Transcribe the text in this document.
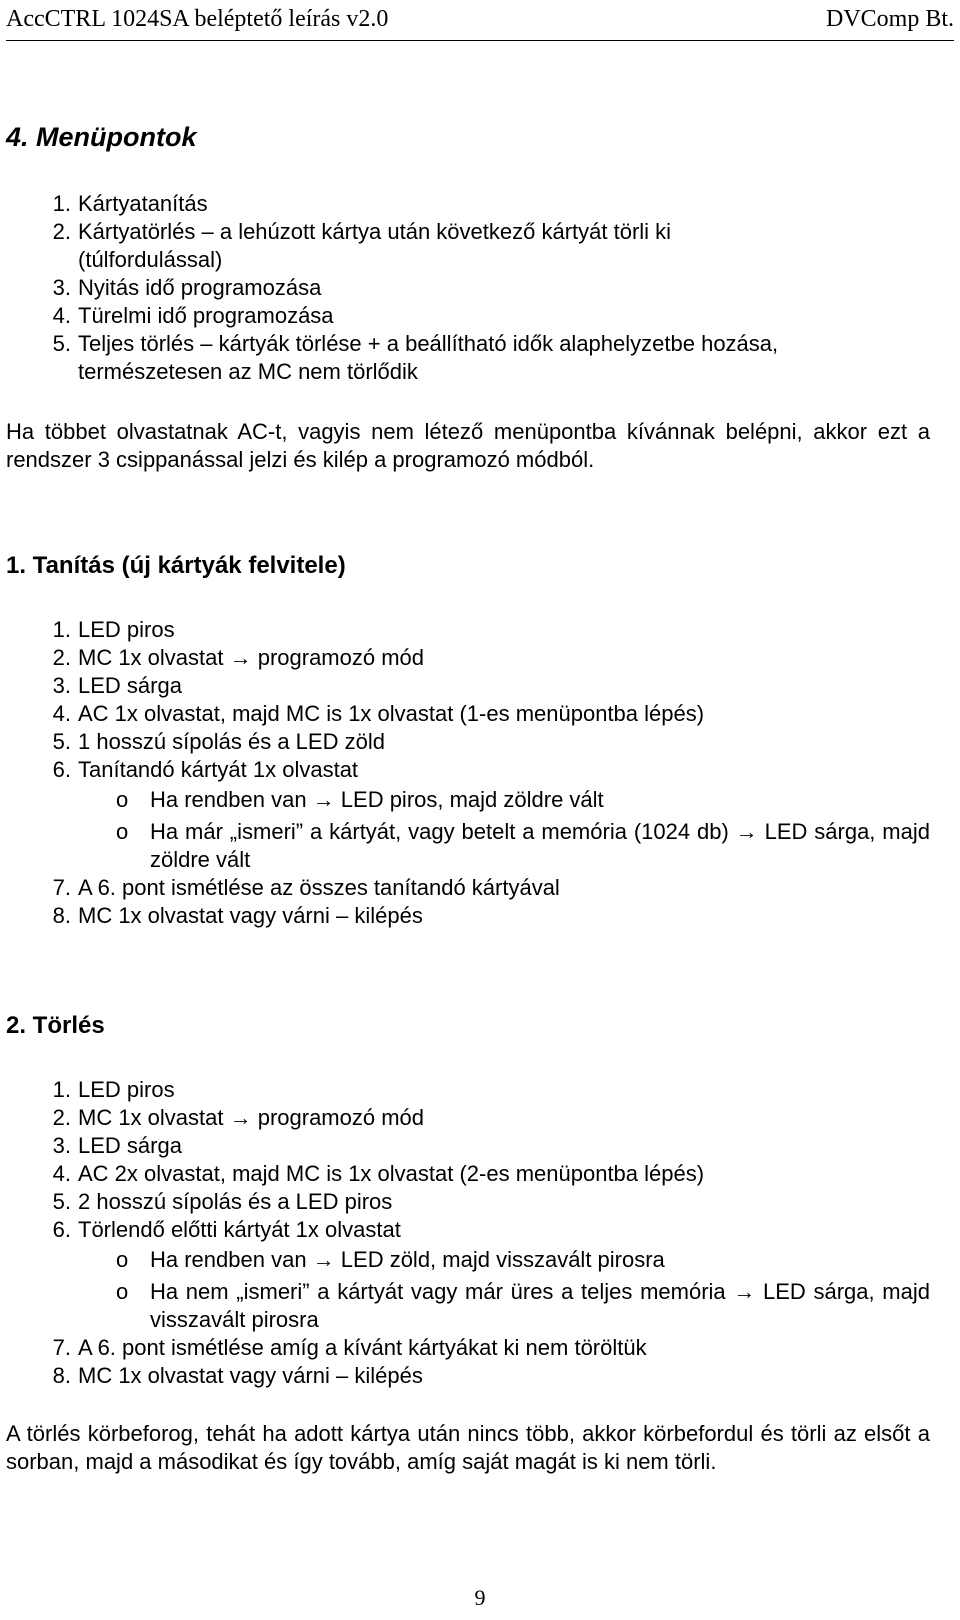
AccCTRL 1024SA beléptető leírás v2.0	DVComp Bt.
4. Menüpontok
1. Kártyatanítás
2. Kártyatörlés – a lehúzott kártya után következő kártyát törli ki
(túlfordulással)
3. Nyitás idő programozása
4. Türelmi idő programozása
5. Teljes törlés – kártyák törlése + a beállítható idők alaphelyzetbe hozása,
természetesen az MC nem törlődik
Ha többet olvastatnak AC-t, vagyis nem létező menüpontba kívánnak belépni, akkor ezt a rendszer 3 csippanással jelzi és kilép a programozó módból.
1. Tanítás (új kártyák felvitele)
1. LED piros
2. MC 1x olvastat → programozó mód
3. LED sárga
4. AC 1x olvastat, majd MC is 1x olvastat (1-es menüpontba lépés)
5. 1 hosszú sípolás és a LED zöld
6. Tanítandó kártyát 1x olvastat
o Ha rendben van → LED piros, majd zöldre vált
o Ha már „ismeri” a kártyát, vagy betelt a memória (1024 db) → LED sárga, majd zöldre vált
7. A 6. pont ismétlése az összes tanítandó kártyával
8. MC 1x olvastat vagy várni – kilépés
2. Törlés
1. LED piros
2. MC 1x olvastat → programozó mód
3. LED sárga
4. AC 2x olvastat, majd MC is 1x olvastat (2-es menüpontba lépés)
5. 2 hosszú sípolás és a LED piros
6. Törlendő előtti kártyát 1x olvastat
o Ha rendben van → LED zöld, majd visszavált pirosra
o Ha nem „ismeri” a kártyát vagy már üres a teljes memória → LED sárga, majd visszavált pirosra
7. A 6. pont ismétlése amíg a kívánt kártyákat ki nem töröltük
8. MC 1x olvastat vagy várni – kilépés
A törlés körbeforog, tehát ha adott kártya után nincs több, akkor körbefordul és törli az elsőt a sorban, majd a másodikat és így tovább, amíg saját magát is ki nem törli.
9
